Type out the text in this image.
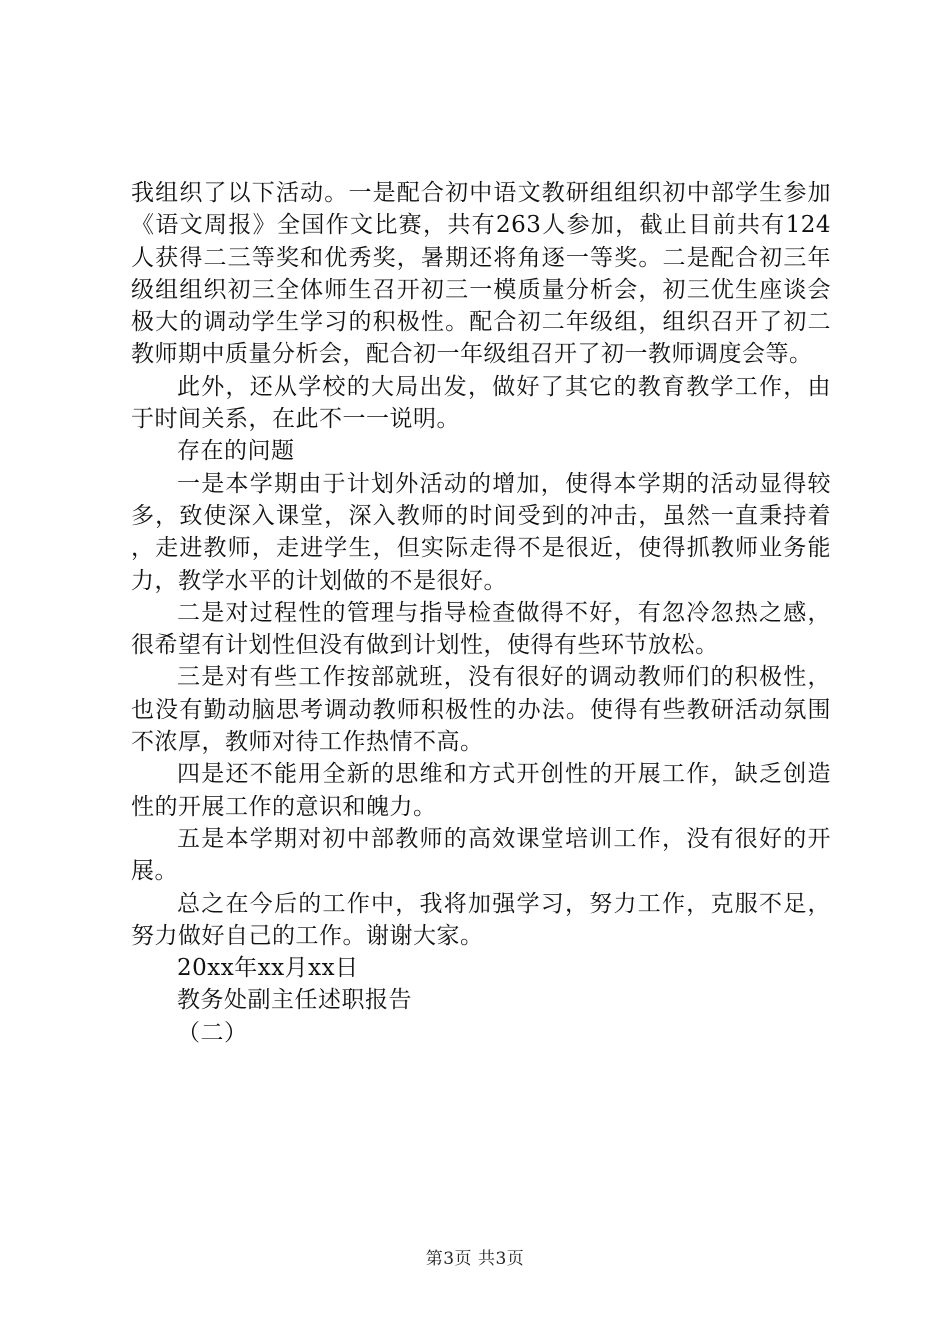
我组织了以下活动。一是配合初中语文教研组组织初中部学生参加《语文周报》全国作文比赛，共有263人参加，截止目前共有124人获得二三等奖和优秀奖，暑期还将角逐一等奖。二是配合初三年级组组织初三全体师生召开初三一模质量分析会，初三优生座谈会极大的调动学生学习的积极性。配合初二年级组，组织召开了初二教师期中质量分析会，配合初一年级组召开了初一教师调度会等。

此外，还从学校的大局出发，做好了其它的教育教学工作，由于时间关系，在此不一一说明。

存在的问题

一是本学期由于计划外活动的增加，使得本学期的活动显得较多，致使深入课堂，深入教师的时间受到的冲击，虽然一直秉持着，走进教师，走进学生，但实际走得不是很近，使得抓教师业务能力，教学水平的计划做的不是很好。

二是对过程性的管理与指导检查做得不好，有忽冷忽热之感，很希望有计划性但没有做到计划性，使得有些环节放松。

三是对有些工作按部就班，没有很好的调动教师们的积极性，也没有勤动脑思考调动教师积极性的办法。使得有些教研活动氛围不浓厚，教师对待工作热情不高。

四是还不能用全新的思维和方式开创性的开展工作，缺乏创造性的开展工作的意识和魄力。

五是本学期对初中部教师的高效课堂培训工作，没有很好的开展。

总之在今后的工作中，我将加强学习，努力工作，克服不足，努力做好自己的工作。谢谢大家。

20xx年xx月xx日

教务处副主任述职报告

（二）

第3页 共3页
